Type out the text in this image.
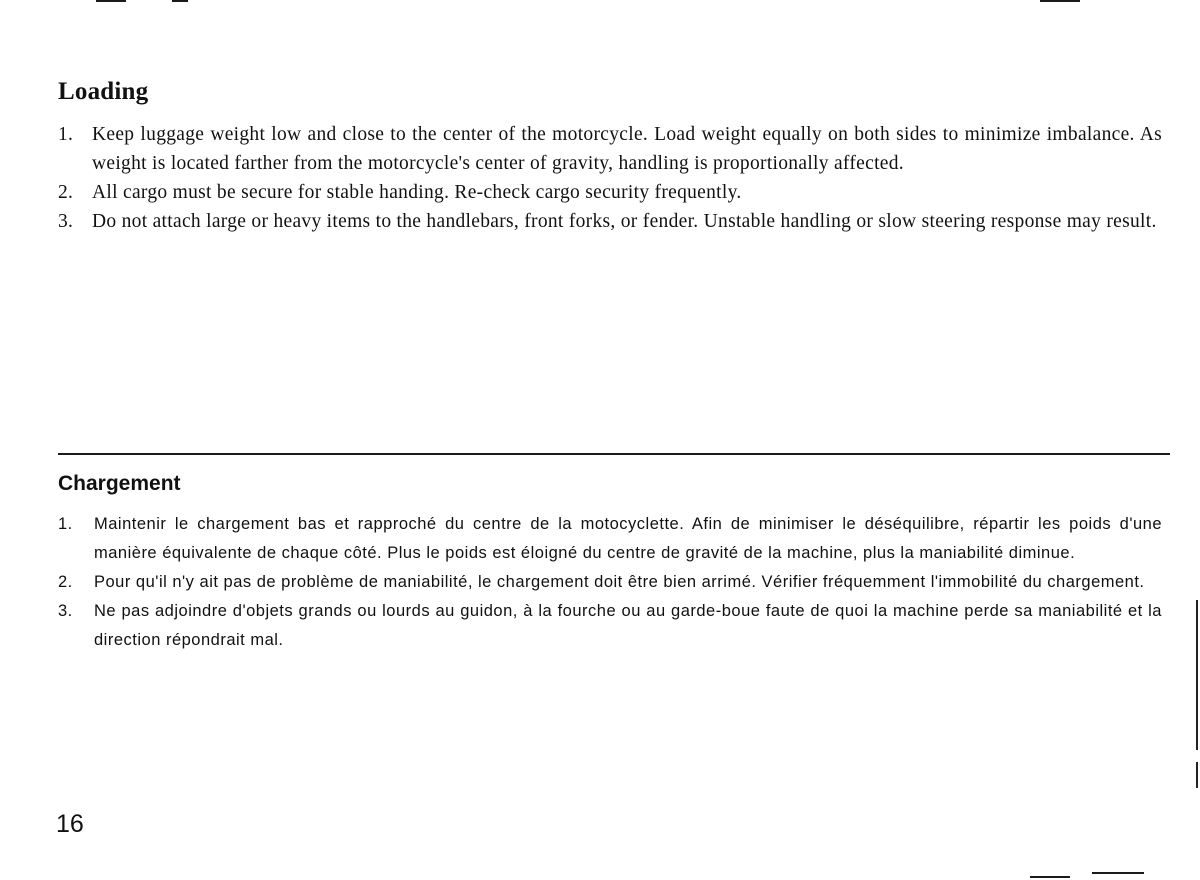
Loading
1. Keep luggage weight low and close to the center of the motorcycle. Load weight equally on both sides to minimize imbalance. As weight is located farther from the motorcycle's center of gravity, handling is proportionally affected.
2. All cargo must be secure for stable handing. Re-check cargo security frequently.
3. Do not attach large or heavy items to the handlebars, front forks, or fender. Unstable handling or slow steering response may result.
Chargement
1. Maintenir le chargement bas et rapproché du centre de la motocyclette. Afin de minimiser le déséquilibre, répartir les poids d'une manière équivalente de chaque côté. Plus le poids est éloigné du centre de gravité de la machine, plus la maniabilité diminue.
2. Pour qu'il n'y ait pas de problème de maniabilité, le chargement doit être bien arrimé. Vérifier fréquemment l'immobilité du chargement.
3. Ne pas adjoindre d'objets grands ou lourds au guidon, à la fourche ou au garde-boue faute de quoi la machine perde sa maniabilité et la direction répondrait mal.
16
